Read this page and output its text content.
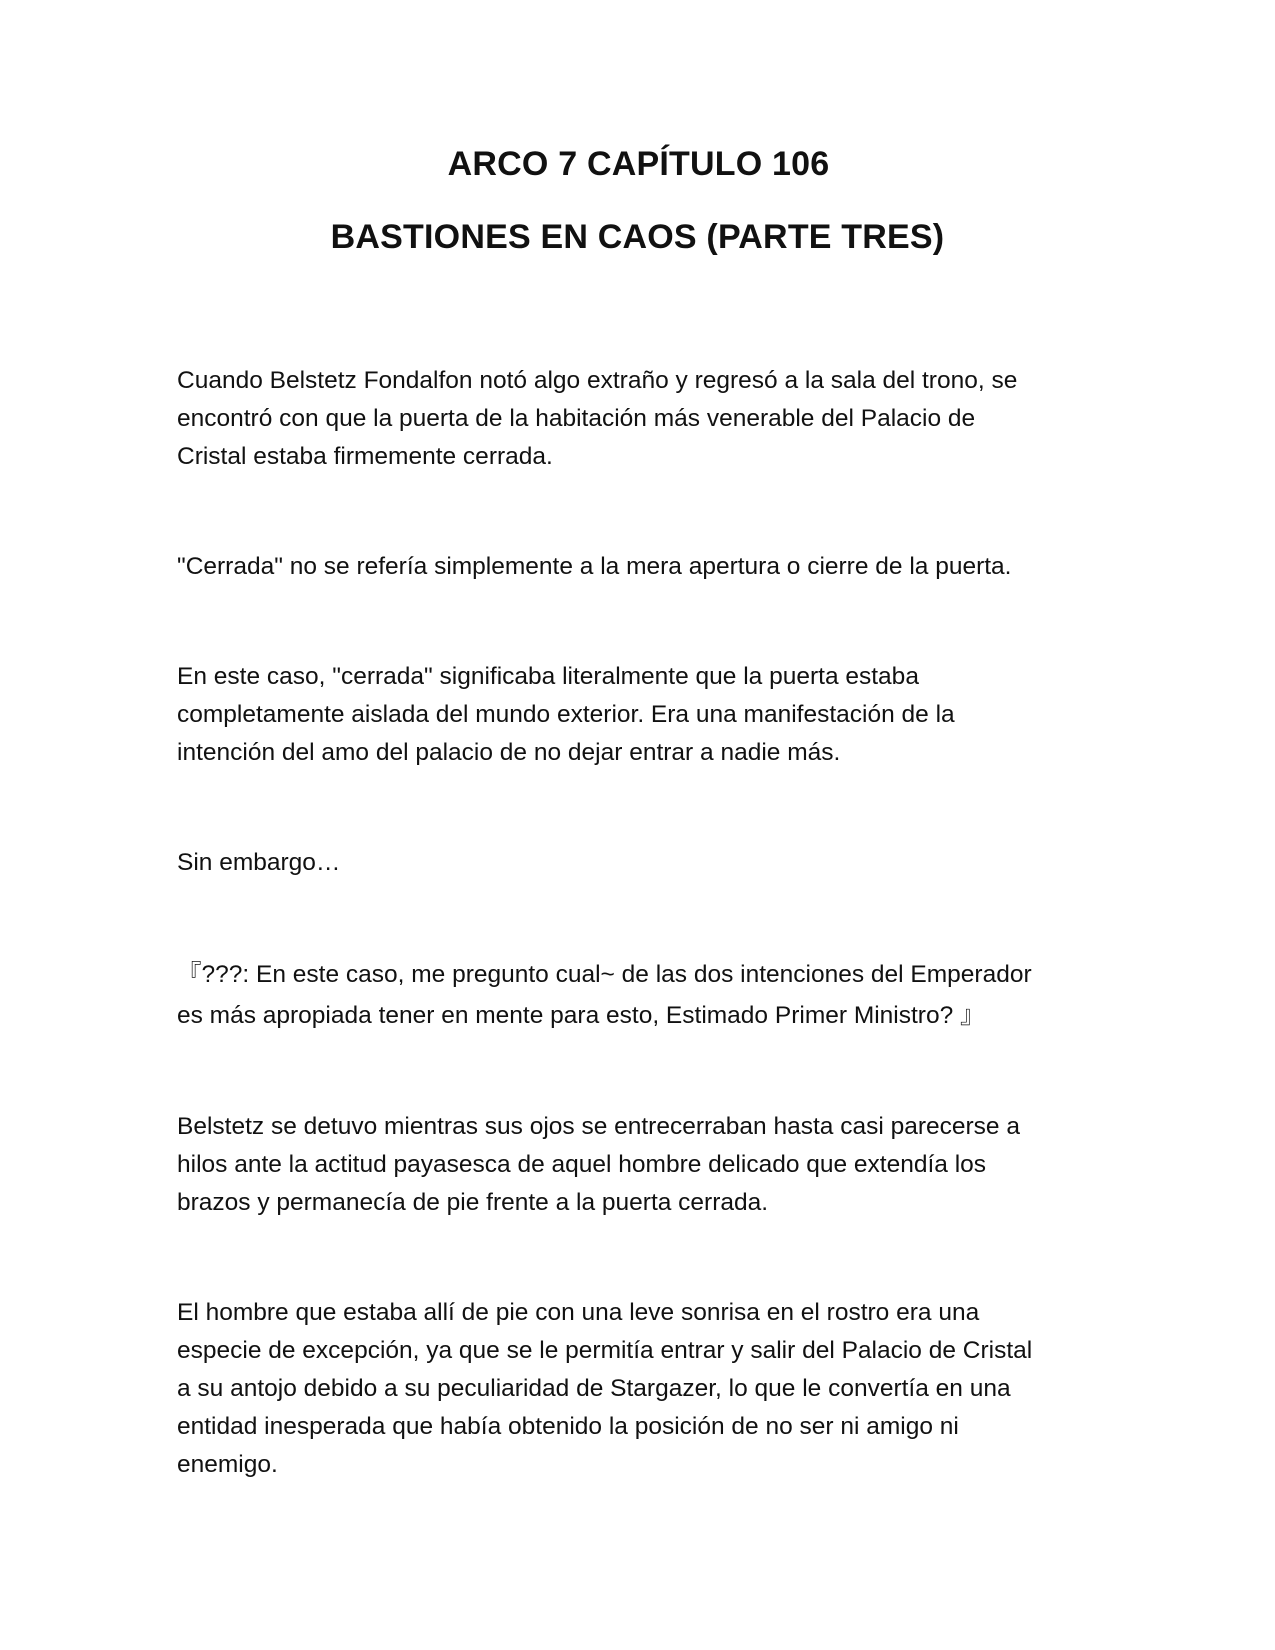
ARCO 7 CAPÍTULO 106
BASTIONES EN CAOS (PARTE TRES)

Cuando Belstetz Fondalfon notó algo extraño y regresó a la sala del trono, se
encontró con que la puerta de la habitación más venerable del Palacio de
Cristal estaba firmemente cerrada.

"Cerrada" no se refería simplemente a la mera apertura o cierre de la puerta.

En este caso, "cerrada" significaba literalmente que la puerta estaba
completamente aislada del mundo exterior. Era una manifestación de la
intención del amo del palacio de no dejar entrar a nadie más.

Sin embargo…

『???: En este caso, me pregunto cual~ de las dos intenciones del Emperador
es más apropiada tener en mente para esto, Estimado Primer Ministro? 』

Belstetz se detuvo mientras sus ojos se entrecerraban hasta casi parecerse a
hilos ante la actitud payasesca de aquel hombre delicado que extendía los
brazos y permanecía de pie frente a la puerta cerrada.

El hombre que estaba allí de pie con una leve sonrisa en el rostro era una
especie de excepción, ya que se le permitía entrar y salir del Palacio de Cristal
a su antojo debido a su peculiaridad de Stargazer, lo que le convertía en una
entidad inesperada que había obtenido la posición de no ser ni amigo ni
enemigo.
